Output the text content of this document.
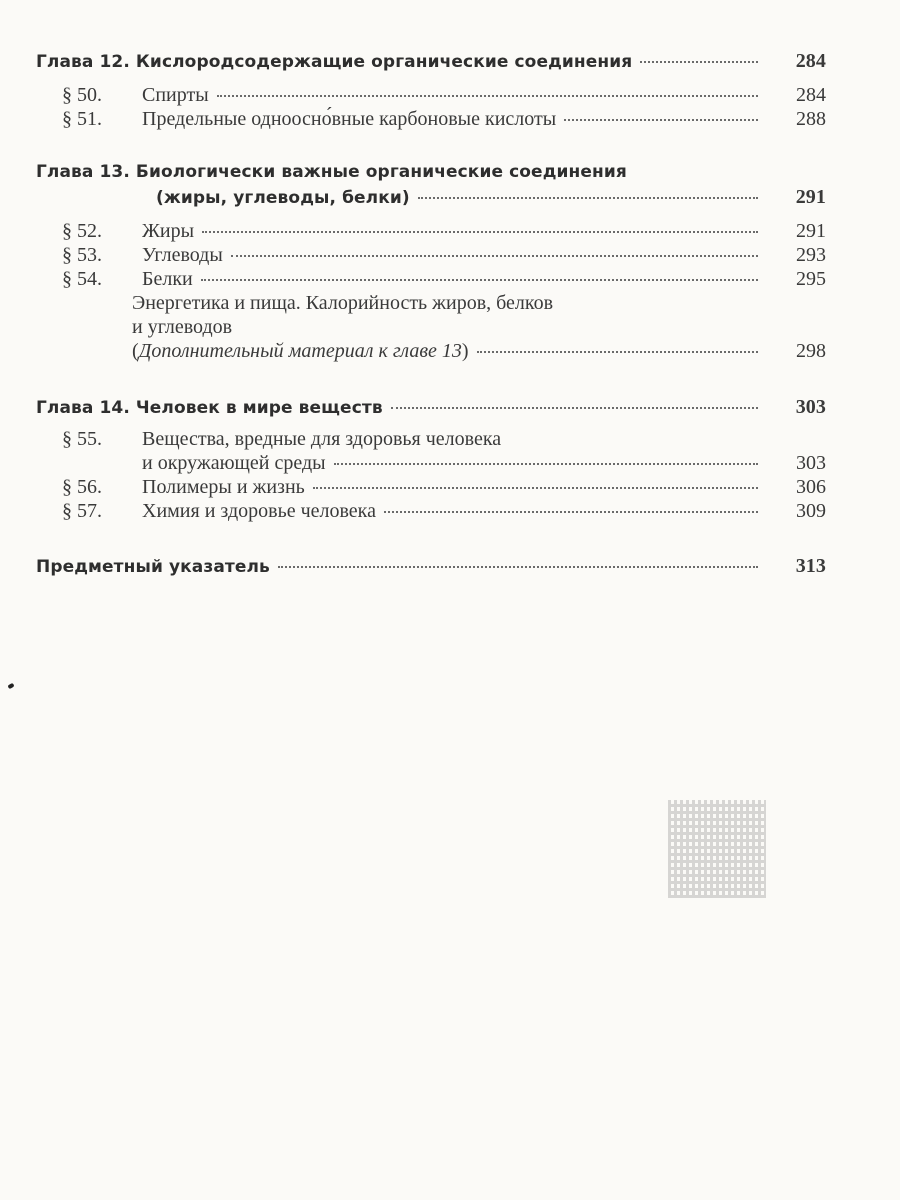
Глава 12. Кислородсодержащие органические соединения	284
§ 50.	Спирты	284
§ 51.	Предельные одноосно́вные карбоновые кислоты	288
Глава 13. Биологически важные органические соединения
(жиры, углеводы, белки)	291
§ 52.	Жиры	291
§ 53.	Углеводы	293
§ 54.	Белки	295
Энергетика и пища. Калорийность жиров, белков
и углеводов
( Дополнительный материал к главе 13 )	298
Глава 14. Человек в мире веществ	303
§ 55.	Вещества, вредные для здоровья человека
и окружающей среды	303
§ 56.	Полимеры и жизнь	306
§ 57.	Химия и здоровье человека	309
Предметный указатель	313
